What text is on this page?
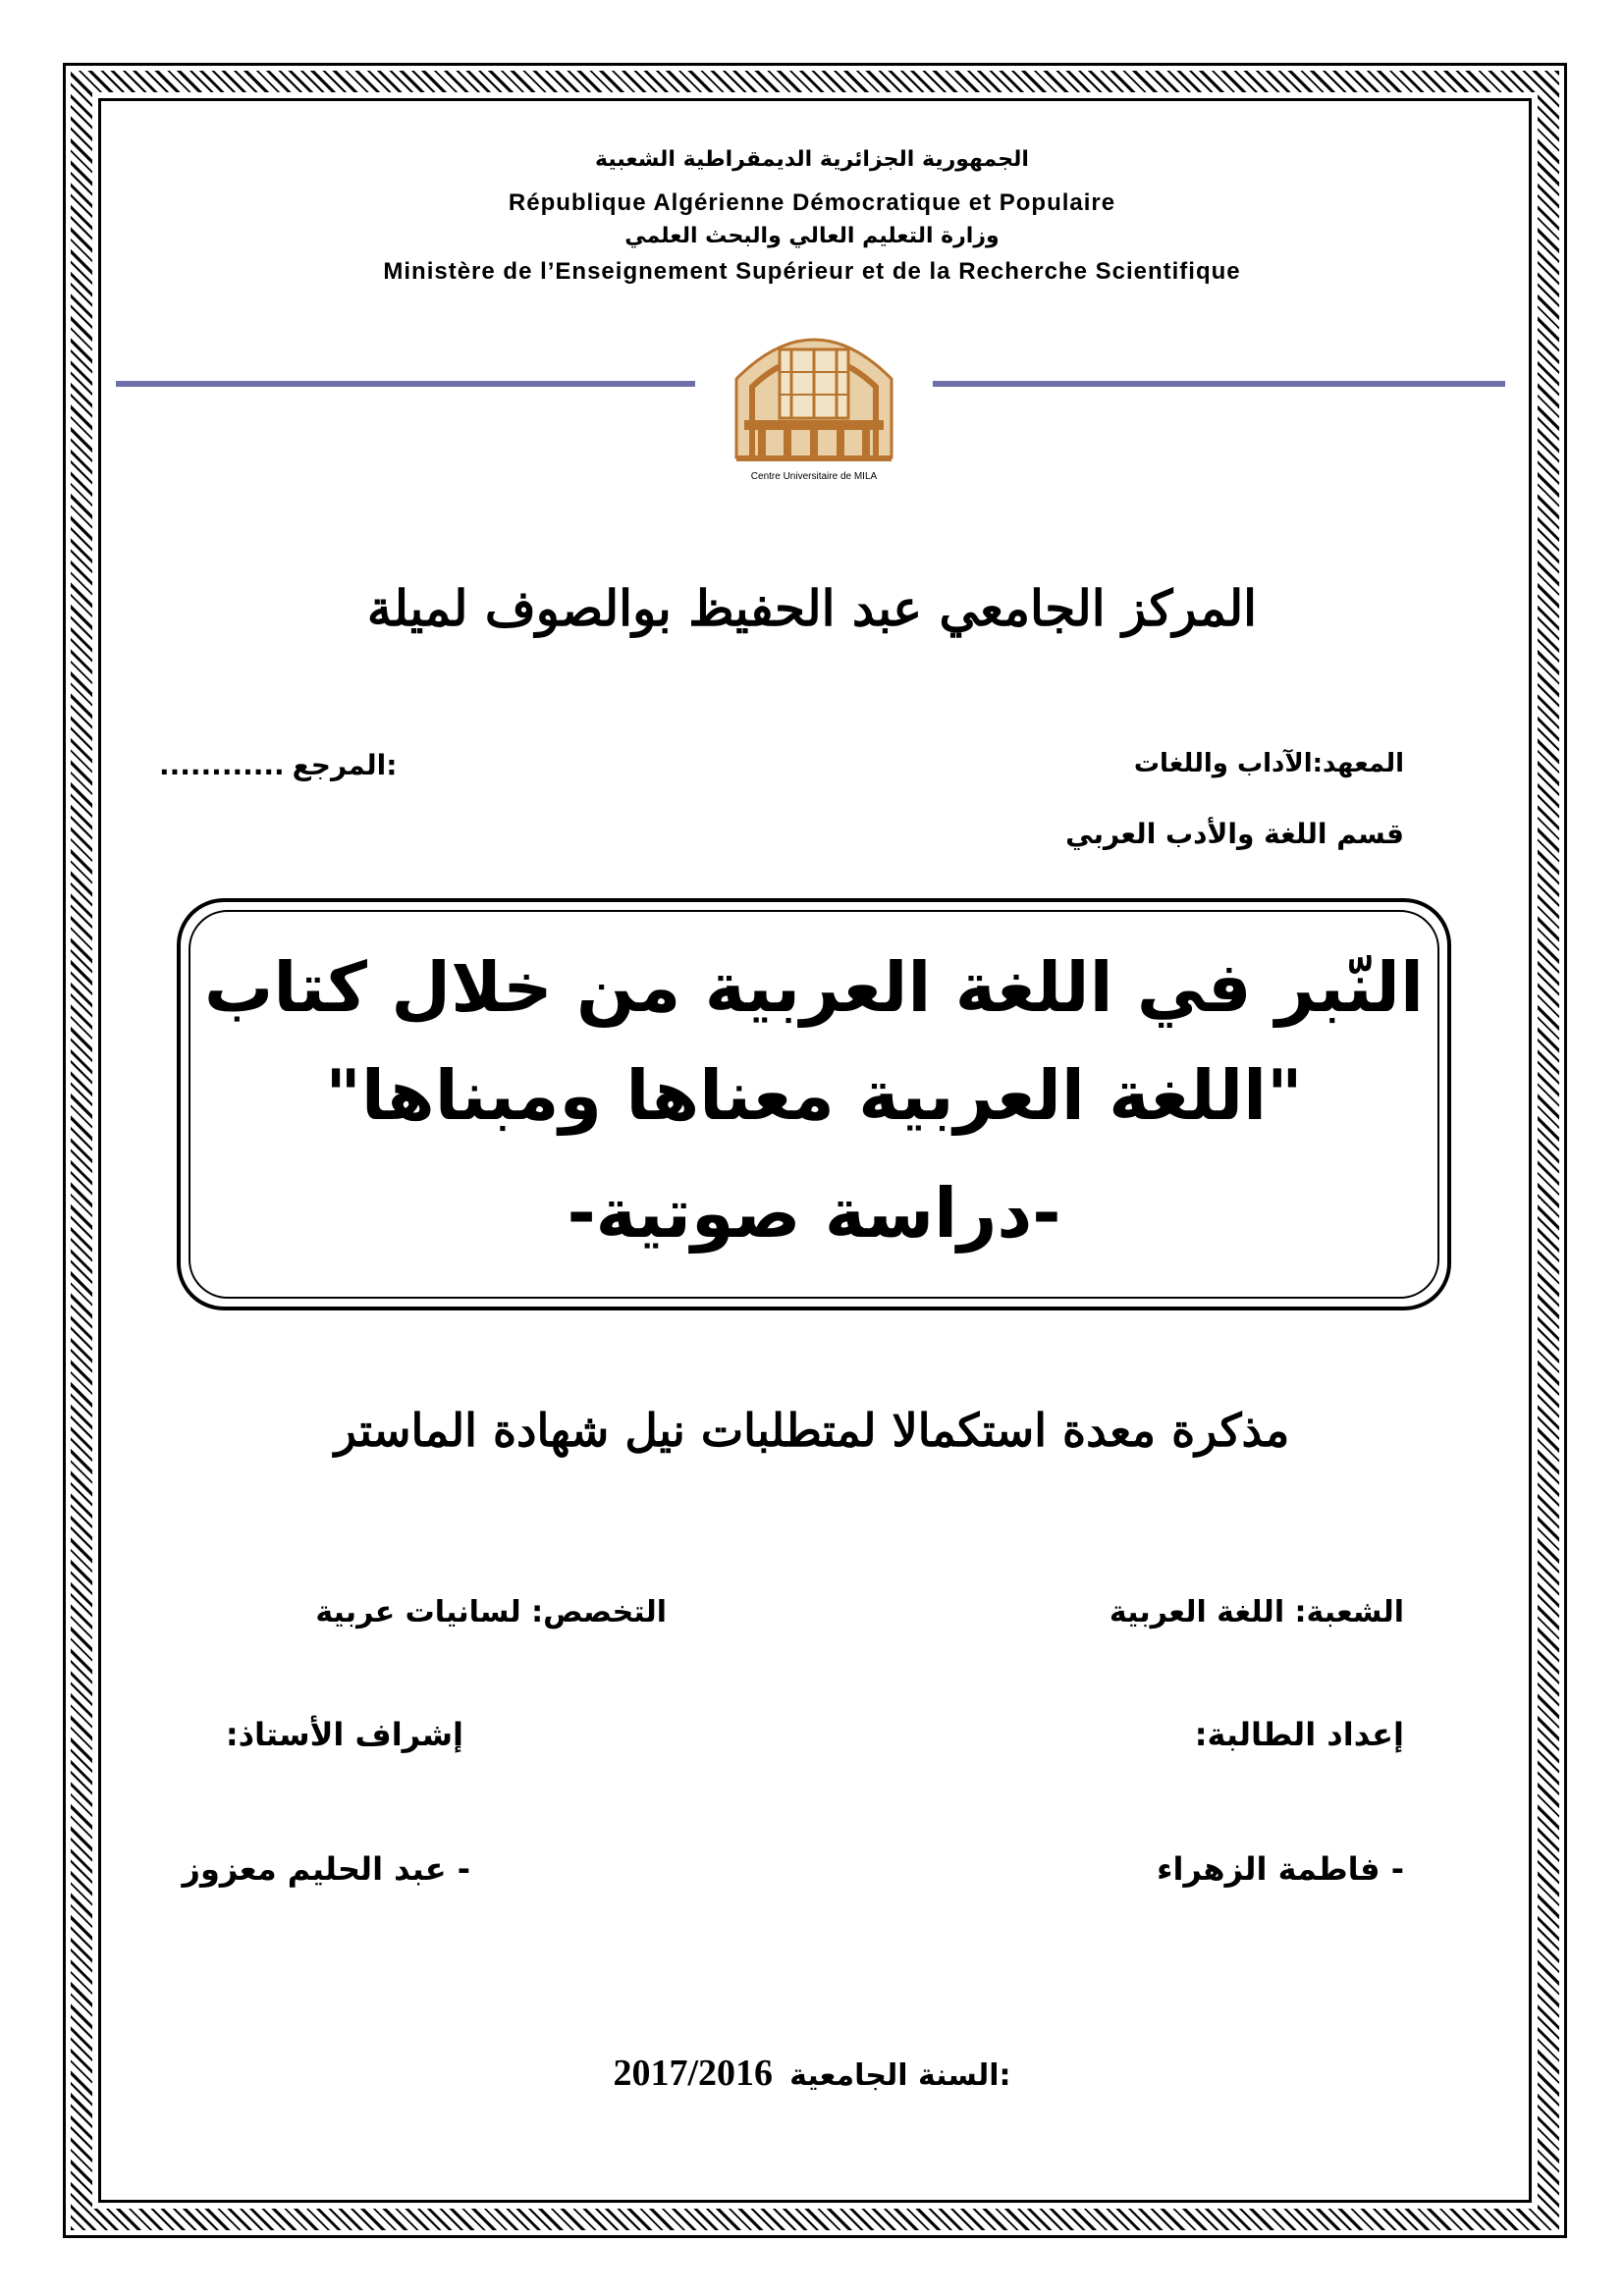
الجمهورية الجزائرية الديمقراطية الشعبية
République Algérienne Démocratique et Populaire
وزارة التعليم العالي والبحث العلمي
Ministère de l’Enseignement Supérieur et de la Recherche Scientifique
Centre Universitaire de MILA
المركز الجامعي عبد الحفيظ بوالصوف لميلة
المعهد:الآداب واللغات
............ المرجع:
قسم اللغة والأدب العربي
النّبر في اللغة العربية من خلال كتاب
"اللغة العربية معناها ومبناها"
-دراسة صوتية-
مذكرة معدة استكمالا لمتطلبات نيل شهادة الماستر
الشعبة: اللغة العربية
التخصص: لسانيات عربية
إعداد الطالبة:
إشراف الأستاذ:
- فاطمة الزهراء
- عبد الحليم معزوز
2017/2016 السنة الجامعية:
